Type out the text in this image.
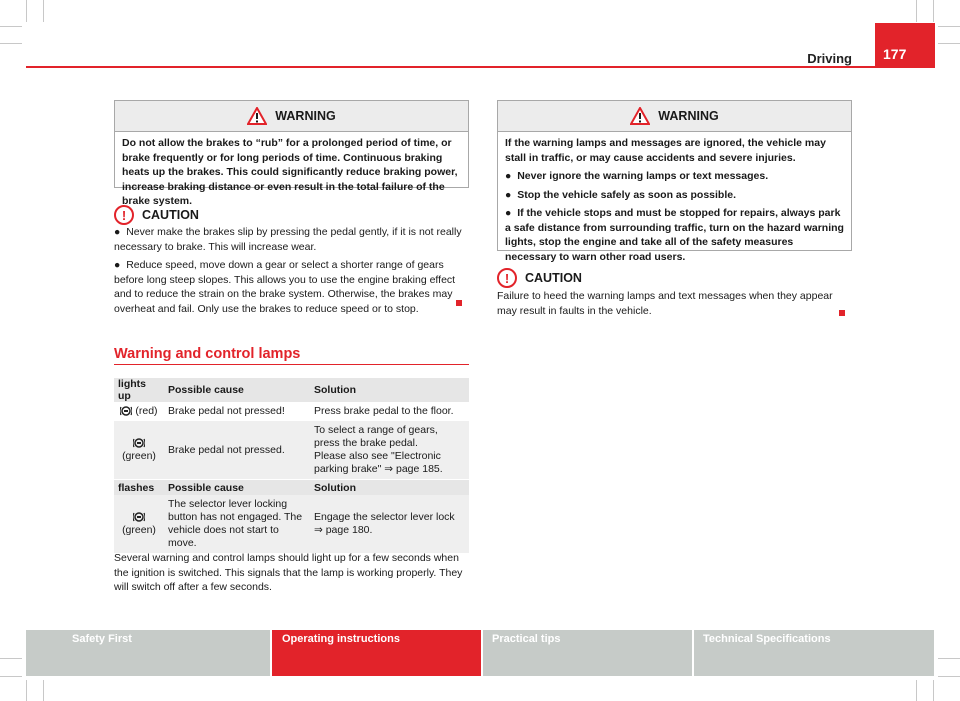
Driving	177
WARNING

Do not allow the brakes to “rub” for a prolonged period of time, or brake frequently or for long periods of time. Continuous braking heats up the brakes. This could significantly reduce braking power, increase braking distance or even result in the total failure of the brake system.

!	CAUTION

●  Never make the brakes slip by pressing the pedal gently, if it is not really necessary to brake. This will increase wear.

●  Reduce speed, move down a gear or select a shorter range of gears before long steep slopes. This allows you to use the engine braking effect and to reduce the strain on the brake system. Otherwise, the brakes may overheat and fail. Only use the brakes to reduce speed or to stop.

Warning and control lamps
lights up	Possible cause	Solution
(red)	Brake pedal not pressed!	Press brake pedal to the floor.

(green)	Brake pedal not pressed.	To select a range of gears, press the brake pedal.
Please also see "Electronic parking brake" ⇒ page 185.
flashes	Possible cause	Solution

(green)	The selector lever locking button has not engaged. The vehicle does not start to move.	Engage the selector lever lock ⇒ page 180.

Several warning and control lamps should light up for a few seconds when the ignition is switched. This signals that the lamp is working properly. They will switch off after a few seconds.

WARNING

If the warning lamps and messages are ignored, the vehicle may stall in traffic, or may cause accidents and severe injuries.

●  Never ignore the warning lamps or text messages.

●  Stop the vehicle safely as soon as possible.

●  If the vehicle stops and must be stopped for repairs, always park a safe distance from surrounding traffic, turn on the hazard warning lights, stop the engine and take all of the safety measures necessary to warn other road users.

!	CAUTION

Failure to heed the warning lamps and text messages when they appear may result in faults in the vehicle.

Safety First	Operating instructions	Practical tips	Technical Specifications
